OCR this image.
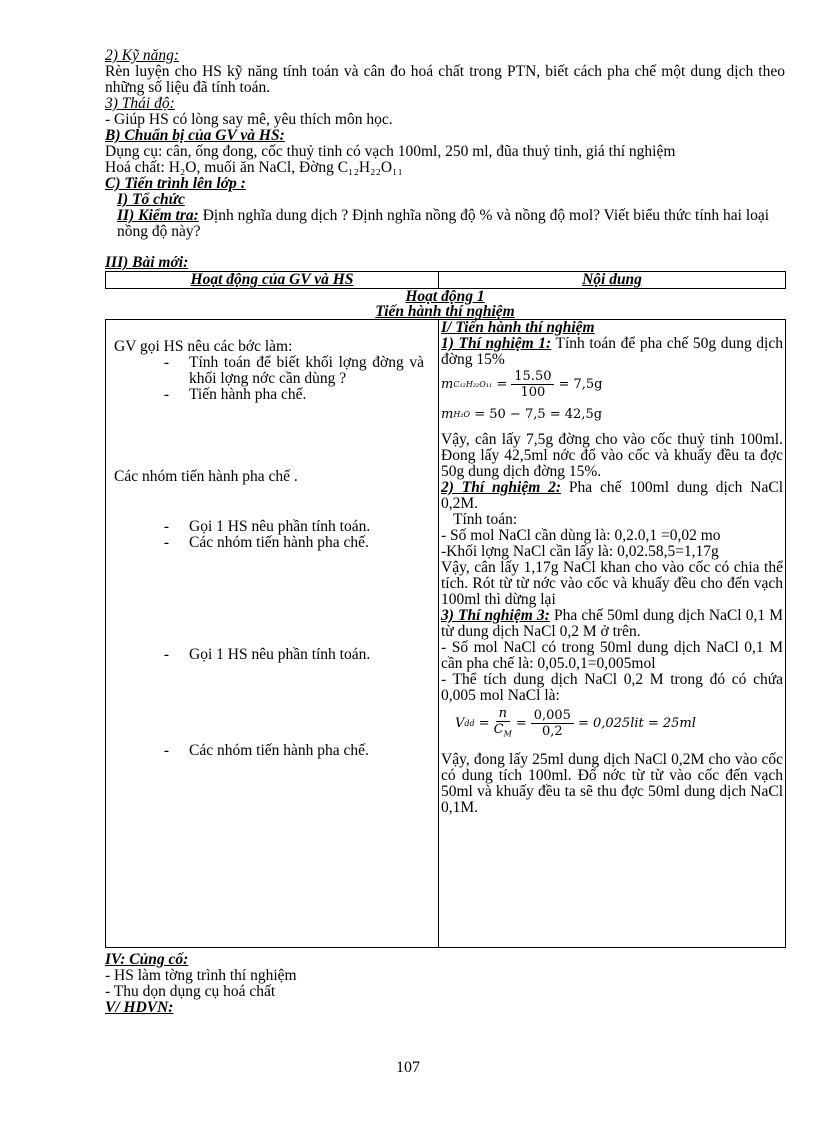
2) Kỹ năng:
Rèn luyện cho HS kỹ năng tính toán và cân đo hoá chất trong PTN, biết cách pha chế một dung dịch theo những số liệu đã tính toán.
3) Thái độ:
- Giúp HS có lòng say mê, yêu thích môn học.
B) Chuẩn bị của GV và HS:
Dụng cụ: cân, ống đong, cốc thuỷ tinh có vạch 100ml, 250 ml, đũa thuỷ tinh, giá thí nghiệm
Hoá chất: H₂O, muối ăn NaCl, Đờng C₁₂H₂₂O₁₁
C) Tiến trình lên lớp :
I) Tổ chức
II) Kiểm tra: Định nghĩa dung dịch ? Định nghĩa nồng độ % và nồng độ mol? Viết biểu thức tính hai loại nồng độ này?
III) Bài mới:
Hoạt động của GV và HS	Nội dung
Hoạt động 1
Tiến hành thí nghiệm
GV gọi HS nêu các bớc làm:
-	Tính toán để biết khối lợng đờng và khối lợng nớc cần dùng ?
-	Tiến hành pha chế.
Các nhóm tiến hành pha chế .
-	Gọi 1 HS nêu phần tính toán.
-	Các nhóm tiến hành pha chế.
-	Gọi 1 HS nêu phần tính toán.
-	Các nhóm tiến hành pha chế.

I/ Tiến hành thí nghiệm
1) Thí nghiệm 1: Tính toán để pha chế 50g dung dịch đờng 15%
m $C_{12}H_{22}O_{11} = \frac{15.50}{100} = 7,5g$
m H₂O
= 50 − 7,5 = 42,5g
Vậy, cân lấy 7,5g đờng cho vào cốc thuỷ tinh 100ml. Đong lấy 42,5ml nớc đổ vào cốc và khuấy đều ta đợc 50g dung dịch đờng 15%.
2) Thí nghiệm 2: Pha chế 100ml dung dịch NaCl 0,2M.
Tính toán:
- Số mol NaCl cần dùng là: 0,2.0,1 =0,02 mo
-Khối lợng NaCl cần lấy là: 0,02.58,5=1,17g
Vậy, cân lấy 1,17g NaCl khan cho vào cốc có chia thể tích. Rót từ từ nớc vào cốc và khuấy đều cho đến vạch 100ml thì dừng lại
3) Thí nghiệm 3: Pha chế 50ml dung dịch NaCl 0,1 M từ dung dịch NaCl 0,2 M ở trên.
- Số mol NaCl có trong 50ml dung dịch NaCl 0,1 M cần pha chế là: 0,05.0,1=0,005mol
- Thể tích dung dịch NaCl 0,2 M trong đó có chứa 0,005 mol NaCl là:
V dd = $\frac{n}{C_M} = \frac{0,005}{0,2} = 0,025lit = 25ml$
Vậy, đong lấy 25ml dung dịch NaCl 0,2M cho vào cốc có dung tích 100ml. Đổ nớc từ từ vào cốc đến vạch 50ml và khuấy đều ta sẽ thu đợc 50ml dung dịch NaCl 0,1M.
IV: Củng cố:
- HS làm tờng trình thí nghiệm
- Thu dọn dụng cụ hoá chất
V/ HDVN:
107
